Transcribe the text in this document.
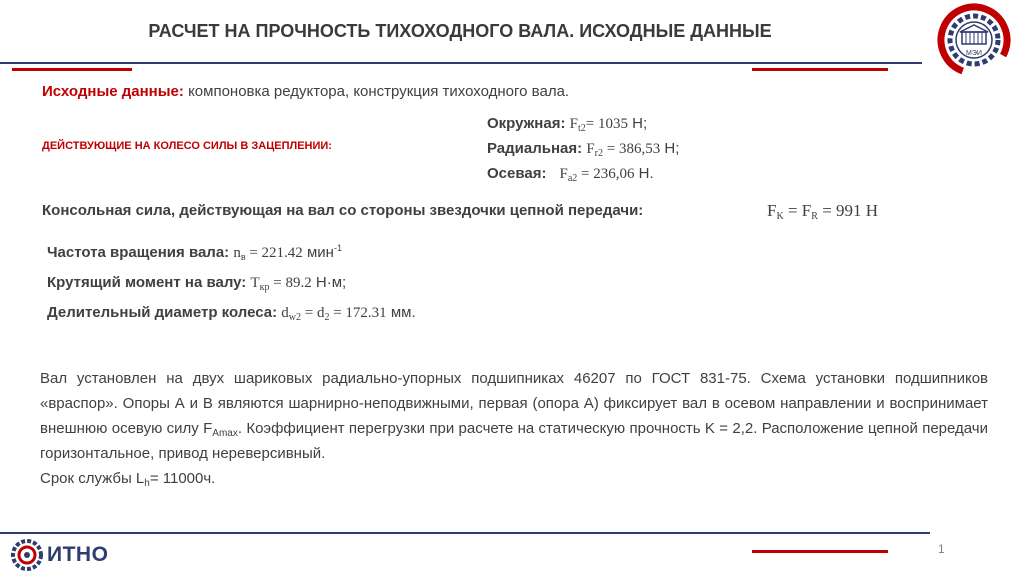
РАСЧЕТ НА ПРОЧНОСТЬ ТИХОХОДНОГО ВАЛА. ИСХОДНЫЕ ДАННЫЕ
МЭИ
Исходные данные: компоновка редуктора, конструкция тихоходного вала.
ДЕЙСТВУЮЩИЕ НА КОЛЕСО СИЛЫ В ЗАЦЕПЛЕНИИ:
Окружная: $F_{t2}= 1035$ Н;
Радиальная: $F_{r2} = 386,53$ Н;
Осевая: $F_{a2} = 236,06$ Н.
Консольная сила, действующая на вал со стороны звездочки цепной передачи:	$F_K = F_R = 991$ Н
Частота вращения вала: $n_в = 221.42$ мин$^{-1}$
Крутящий момент на валу: $T_{кр} = 89.2$ Н·м;
Делительный диаметр колеса: $d_{w2} = d_2 = 172.31$ мм.

Вал установлен на двух шариковых радиально-упорных подшипниках 46207 по ГОСТ 831-75. Схема установки подшипников «враспор». Опоры А и В являются шарнирно-неподвижными, первая (опора А) фиксирует вал в осевом направлении и воспринимает внешнюю осевую силу $F_{Amax}$. Коэффициент перегрузки при расчете на статическую прочность K = 2,2. Расположение цепной передачи горизонтальное, привод нереверсивный.

Срок службы $L_h= 11000ч$.

ИТНО	1
